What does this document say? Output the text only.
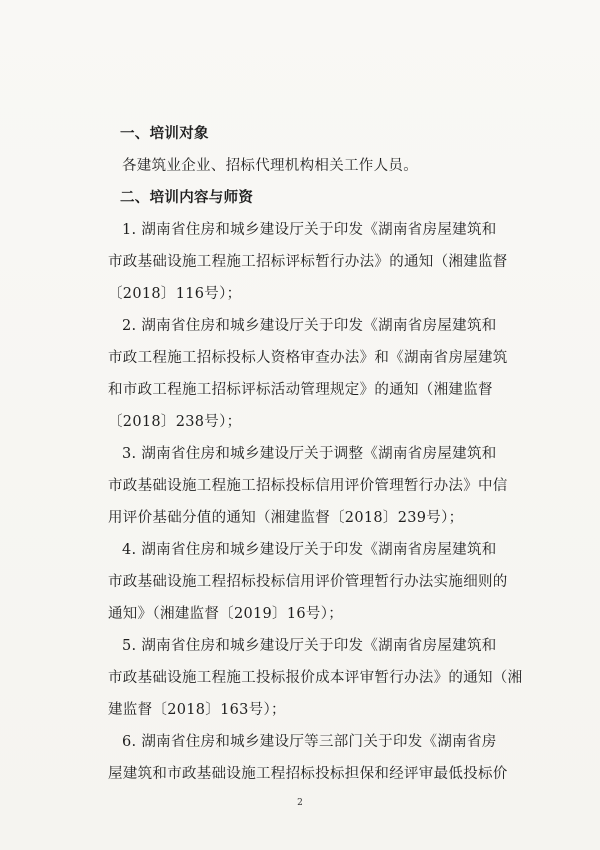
一、培训对象
各建筑业企业、招标代理机构相关工作人员。
二、培训内容与师资
1. 湖南省住房和城乡建设厅关于印发《湖南省房屋建筑和
市政基础设施工程施工招标评标暂行办法》的通知（湘建监督
〔2018〕116号）；
2. 湖南省住房和城乡建设厅关于印发《湖南省房屋建筑和
市政工程施工招标投标人资格审查办法》和《湖南省房屋建筑
和市政工程施工招标评标活动管理规定》的通知（湘建监督
〔2018〕238号）；
3. 湖南省住房和城乡建设厅关于调整《湖南省房屋建筑和
市政基础设施工程施工招标投标信用评价管理暂行办法》中信
用评价基础分值的通知（湘建监督〔2018〕239号）；
4. 湖南省住房和城乡建设厅关于印发《湖南省房屋建筑和
市政基础设施工程招标投标信用评价管理暂行办法实施细则的
通知》（湘建监督〔2019〕16号）；
5. 湖南省住房和城乡建设厅关于印发《湖南省房屋建筑和
市政基础设施工程施工投标报价成本评审暂行办法》的通知（湘
建监督〔2018〕163号）；
6. 湖南省住房和城乡建设厅等三部门关于印发《湖南省房
屋建筑和市政基础设施工程招标投标担保和经评审最低投标价
2
